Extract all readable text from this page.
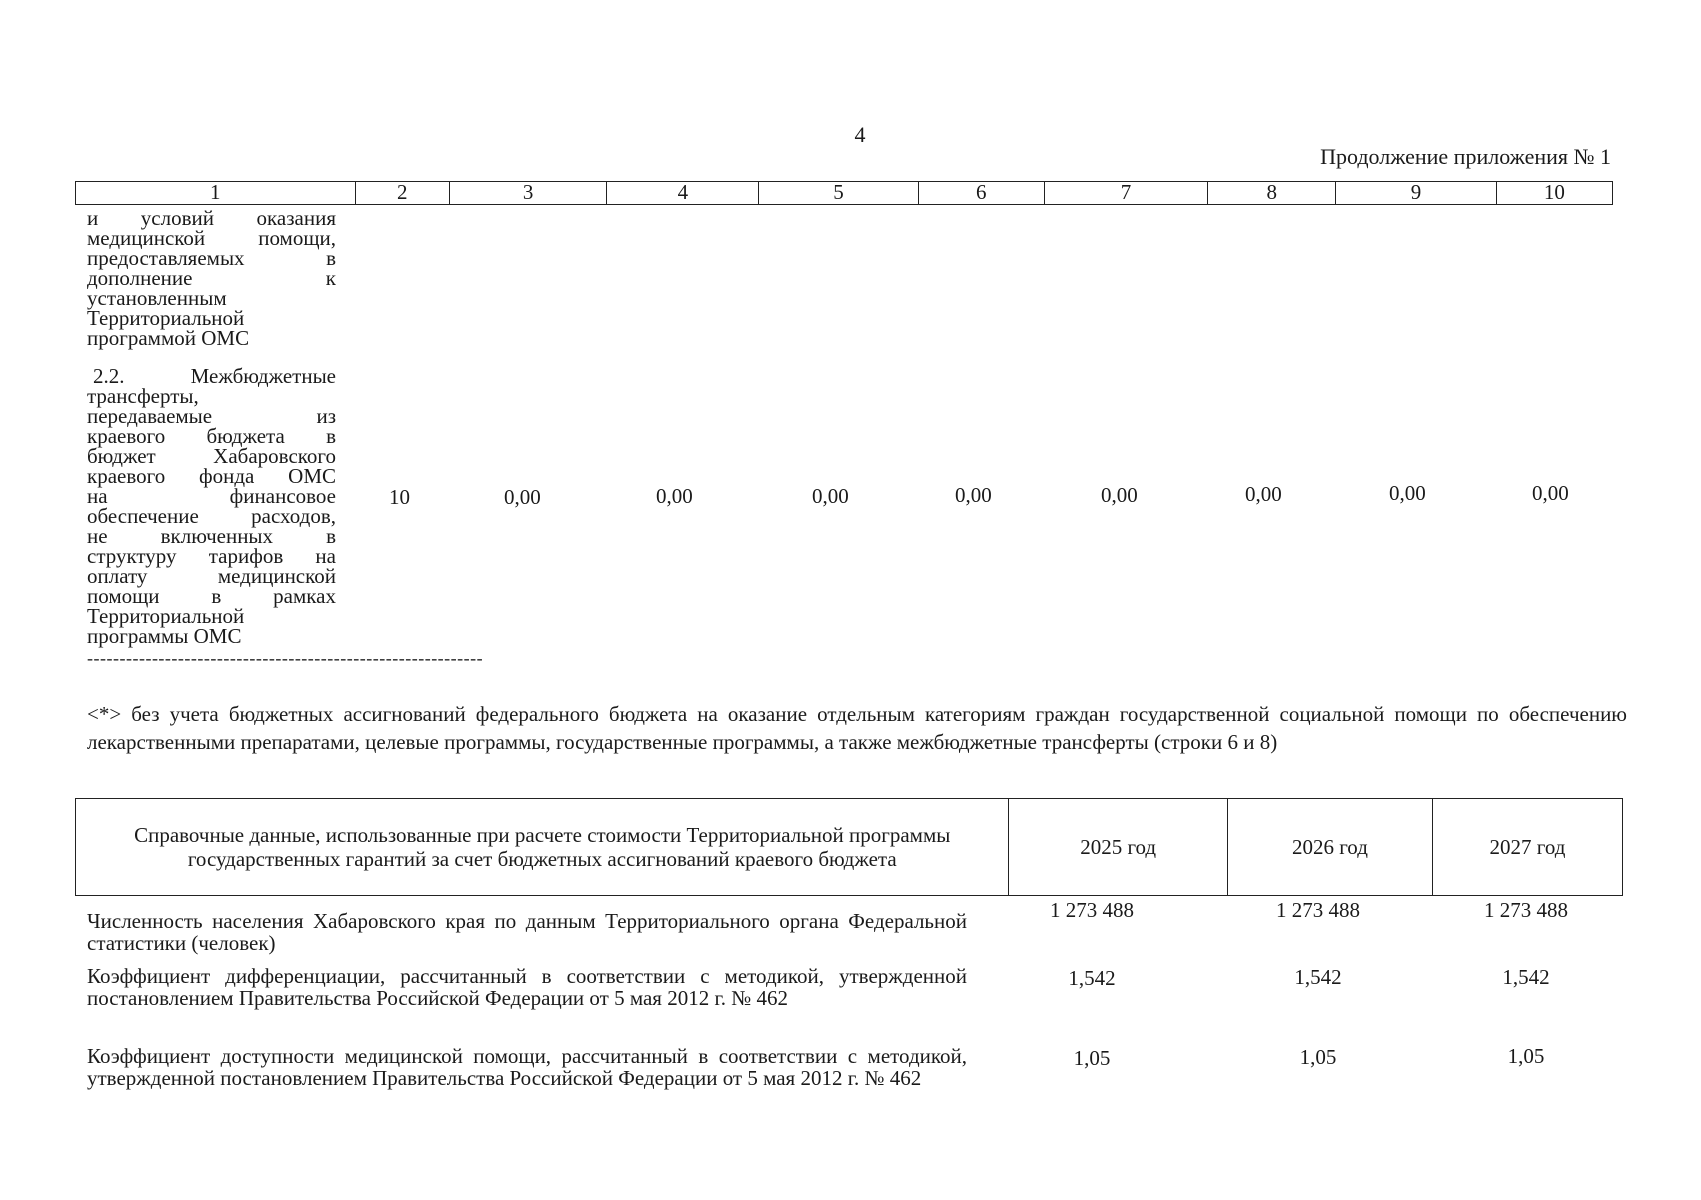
4
Продолжение приложения № 1
1	2	3	4	5	6	7	8	9	10
и условий оказания
медицинской помощи,
предоставляемых в
дополнение к
установленным
Территориальной
программой ОМС
2.2. Межбюджетные
трансферты,
передаваемые из
краевого бюджета в
бюджет Хабаровского
краевого фонда ОМС
на финансовое
обеспечение расходов,
не включенных в
структуру тарифов на
оплату медицинской
помощи в рамках
Территориальной
программы ОМС
10	0,00	0,00	0,00	0,00	0,00	0,00	0,00	0,00
-------------------------------------------------------------
<*> без учета бюджетных ассигнований федерального бюджета на оказание отдельным категориям граждан государственной социальной помощи по обеспечению лекарственными препаратами, целевые программы, государственные программы, а также межбюджетные трансферты (строки 6 и 8)
Справочные данные, использованные при расчете стоимости Территориальной программы государственных гарантий за счет бюджетных ассигнований краевого бюджета	2025 год	2026 год	2027 год
Численность населения Хабаровского края по данным Территориального органа Федеральной статистики (человек)
1 273 488	1 273 488	1 273 488
Коэффициент дифференциации, рассчитанный в соответствии с методикой, утвержденной постановлением Правительства Российской Федерации от 5 мая 2012 г. № 462
1,542	1,542	1,542
Коэффициент доступности медицинской помощи, рассчитанный в соответствии с методикой, утвержденной постановлением Правительства Российской Федерации от 5 мая 2012 г. № 462
1,05	1,05	1,05
